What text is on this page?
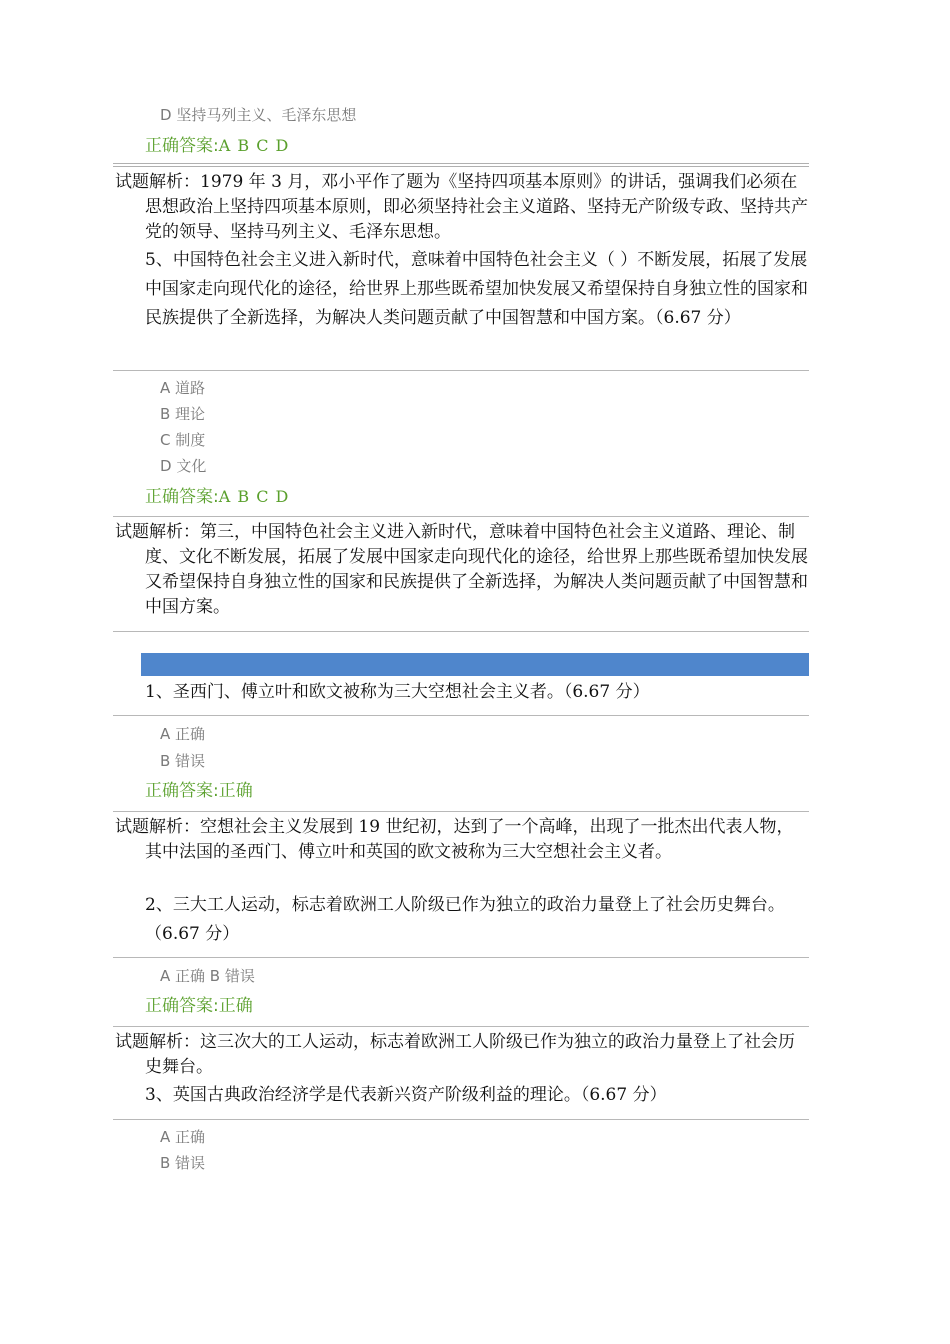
D 坚持马列主义、毛泽东思想
正确答案:A B C D
试题解析：1979 年 3 月，邓小平作了题为《坚持四项基本原则》的讲话，强调我们必须在思想政治上坚持四项基本原则，即必须坚持社会主义道路、坚持无产阶级专政、坚持共产党的领导、坚持马列主义、毛泽东思想。
5、中国特色社会主义进入新时代，意味着中国特色社会主义（ ）不断发展，拓展了发展中国家走向现代化的途径，给世界上那些既希望加快发展又希望保持自身独立性的国家和民族提供了全新选择，为解决人类问题贡献了中国智慧和中国方案。（6.67 分）
A 道路
B 理论
C 制度
D 文化
正确答案:A B C D
试题解析：第三，中国特色社会主义进入新时代，意味着中国特色社会主义道路、理论、制度、文化不断发展，拓展了发展中国家走向现代化的途径，给世界上那些既希望加快发展又希望保持自身独立性的国家和民族提供了全新选择，为解决人类问题贡献了中国智慧和中国方案。
1、圣西门、傅立叶和欧文被称为三大空想社会主义者。（6.67 分）
A 正确
B 错误
正确答案:正确
试题解析：空想社会主义发展到 19 世纪初，达到了一个高峰，出现了一批杰出代表人物，其中法国的圣西门、傅立叶和英国的欧文被称为三大空想社会主义者。
2、三大工人运动，标志着欧洲工人阶级已作为独立的政治力量登上了社会历史舞台。（6.67 分）
A 正确 B 错误
正确答案:正确
试题解析：这三次大的工人运动，标志着欧洲工人阶级已作为独立的政治力量登上了社会历史舞台。
3、英国古典政治经济学是代表新兴资产阶级利益的理论。（6.67 分）
A 正确
B 错误
